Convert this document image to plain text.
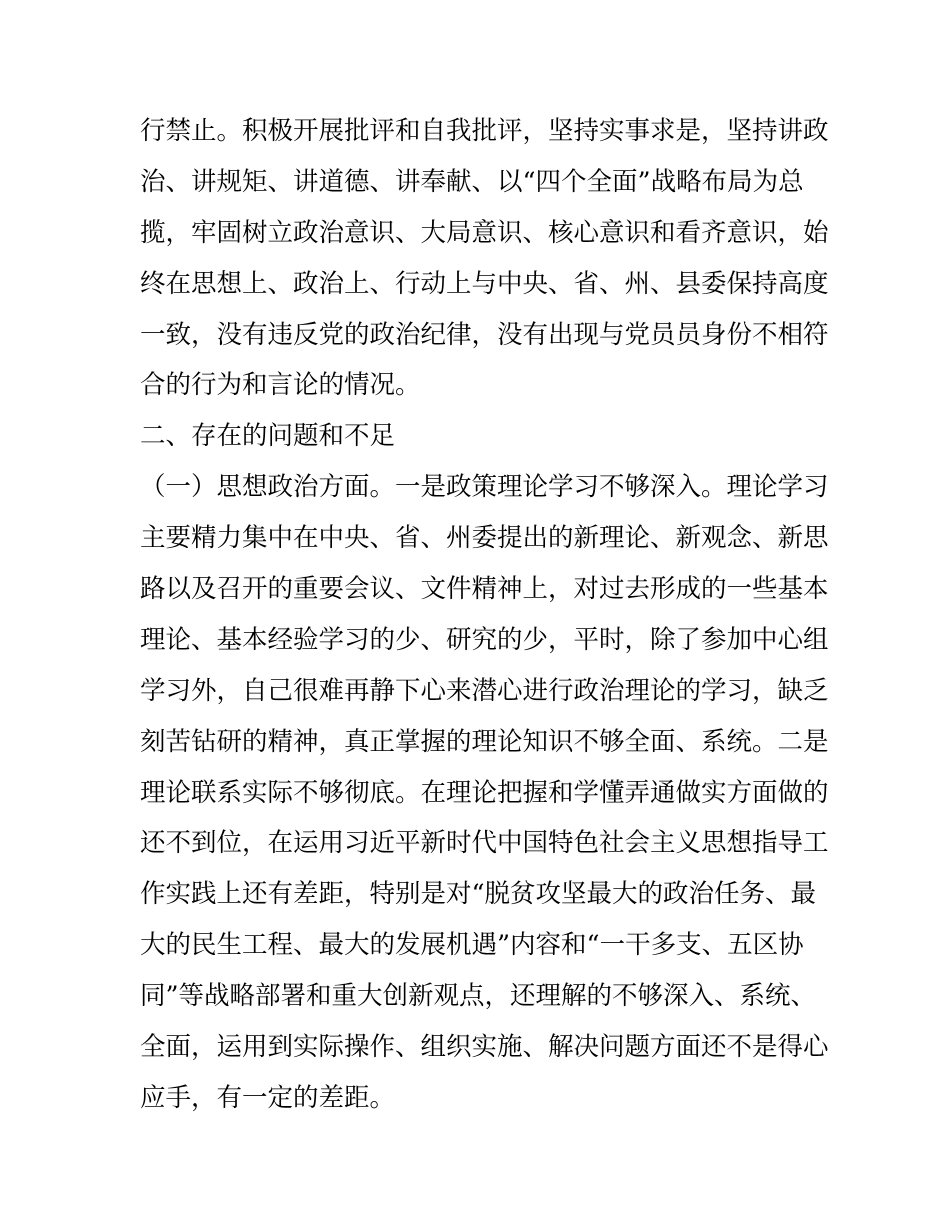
行禁止。积极开展批评和自我批评，坚持实事求是，坚持讲政
治、讲规矩、讲道德、讲奉献、以“四个全面”战略布局为总
揽，牢固树立政治意识、大局意识、核心意识和看齐意识，始
终在思想上、政治上、行动上与中央、省、州、县委保持高度
一致，没有违反党的政治纪律，没有出现与党员员身份不相符
合的行为和言论的情况。
二、存在的问题和不足
（一）思想政治方面。一是政策理论学习不够深入。理论学习
主要精力集中在中央、省、州委提出的新理论、新观念、新思
路以及召开的重要会议、文件精神上，对过去形成的一些基本
理论、基本经验学习的少、研究的少，平时，除了参加中心组
学习外，自己很难再静下心来潜心进行政治理论的学习，缺乏
刻苦钻研的精神，真正掌握的理论知识不够全面、系统。二是
理论联系实际不够彻底。在理论把握和学懂弄通做实方面做的
还不到位，在运用习近平新时代中国特色社会主义思想指导工
作实践上还有差距，特别是对“脱贫攻坚最大的政治任务、最
大的民生工程、最大的发展机遇”内容和“一干多支、五区协
同”等战略部署和重大创新观点，还理解的不够深入、系统、
全面，运用到实际操作、组织实施、解决问题方面还不是得心
应手，有一定的差距。
